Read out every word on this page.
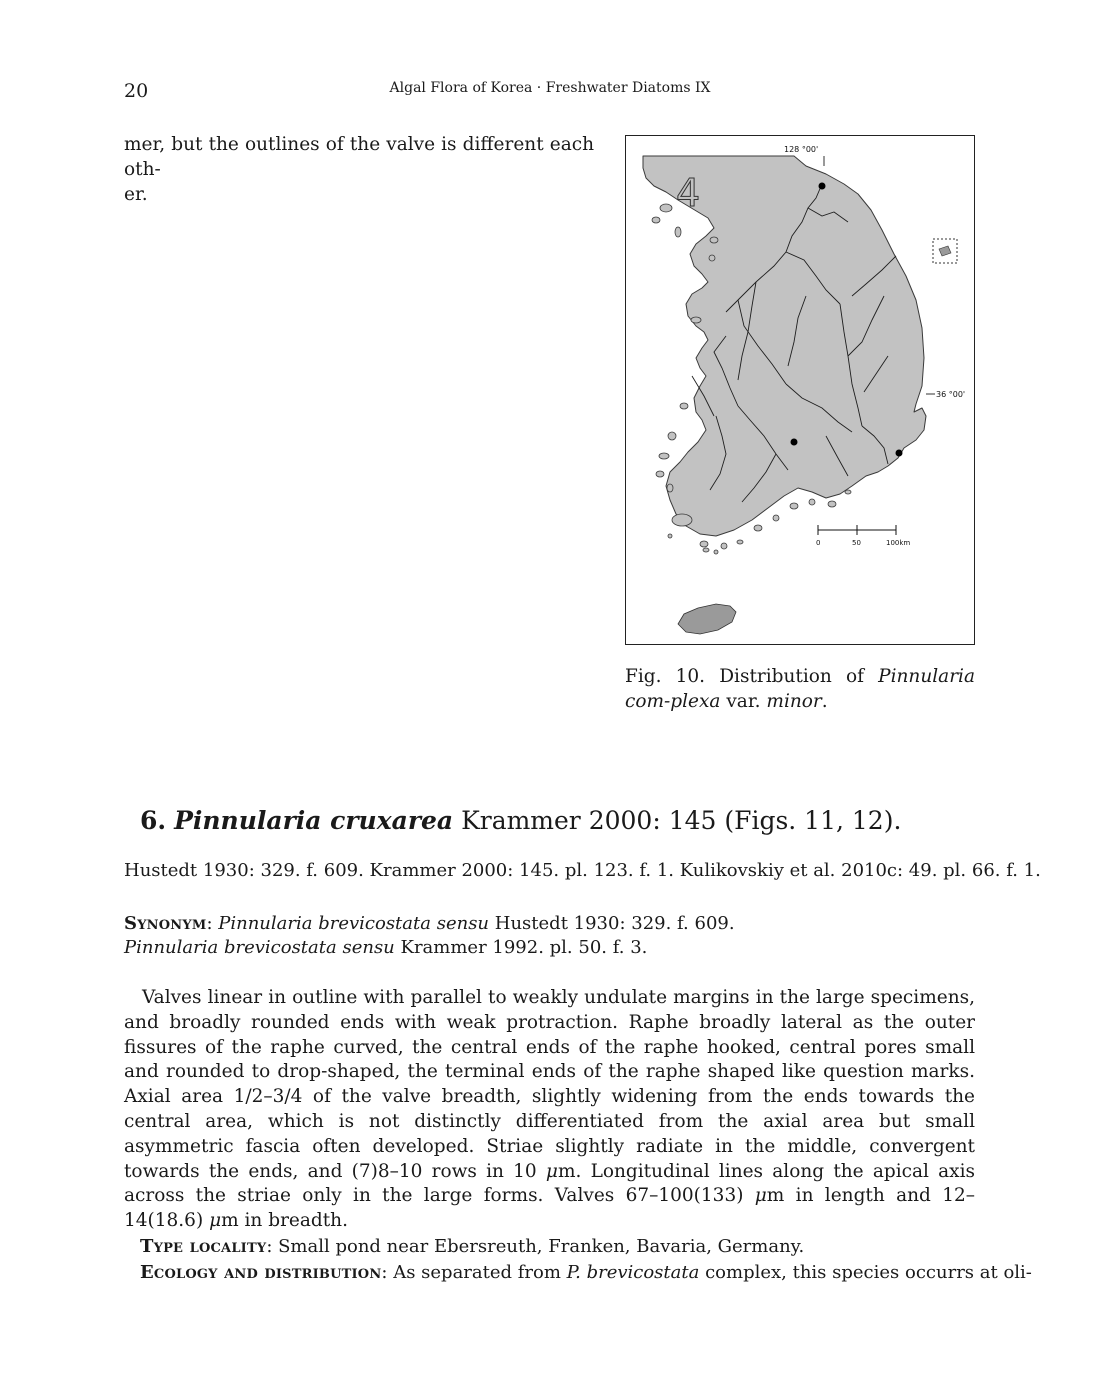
20	Algal Flora of Korea · Freshwater Diatoms IX
mer, but the outlines of the valve is different each oth-
er.
128 °00'
4
36 °00'
0	50	100km
Fig. 10. Distribution of Pinnularia com-plexa var. minor.
6. Pinnularia cruxarea Krammer 2000: 145 (Figs. 11, 12).
Hustedt 1930: 329. f. 609. Krammer 2000: 145. pl. 123. f. 1. Kulikovskiy et al. 2010c: 49. pl. 66. f. 1.
Synonym: Pinnularia brevicostata sensu Hustedt 1930: 329. f. 609.
Pinnularia brevicostata sensu Krammer 1992. pl. 50. f. 3.
Valves linear in outline with parallel to weakly undulate margins in the large specimens, and broadly rounded ends with weak protraction. Raphe broadly lateral as the outer fissures of the raphe curved, the central ends of the raphe hooked, central pores small and rounded to drop-shaped, the terminal ends of the raphe shaped like question marks. Axial area 1/2–3/4 of the valve breadth, slightly widening from the ends towards the central area, which is not distinctly differentiated from the axial area but small asymmetric fascia often developed. Striae slightly radiate in the middle, convergent towards the ends, and (7)8–10 rows in 10 μm. Longitudinal lines along the apical axis across the striae only in the large forms. Valves 67–100(133) μm in length and 12–14(18.6) μm in breadth.
Type locality: Small pond near Ebersreuth, Franken, Bavaria, Germany.
Ecology and distribution: As separated from P. brevicostata complex, this species occurrs at oli-
